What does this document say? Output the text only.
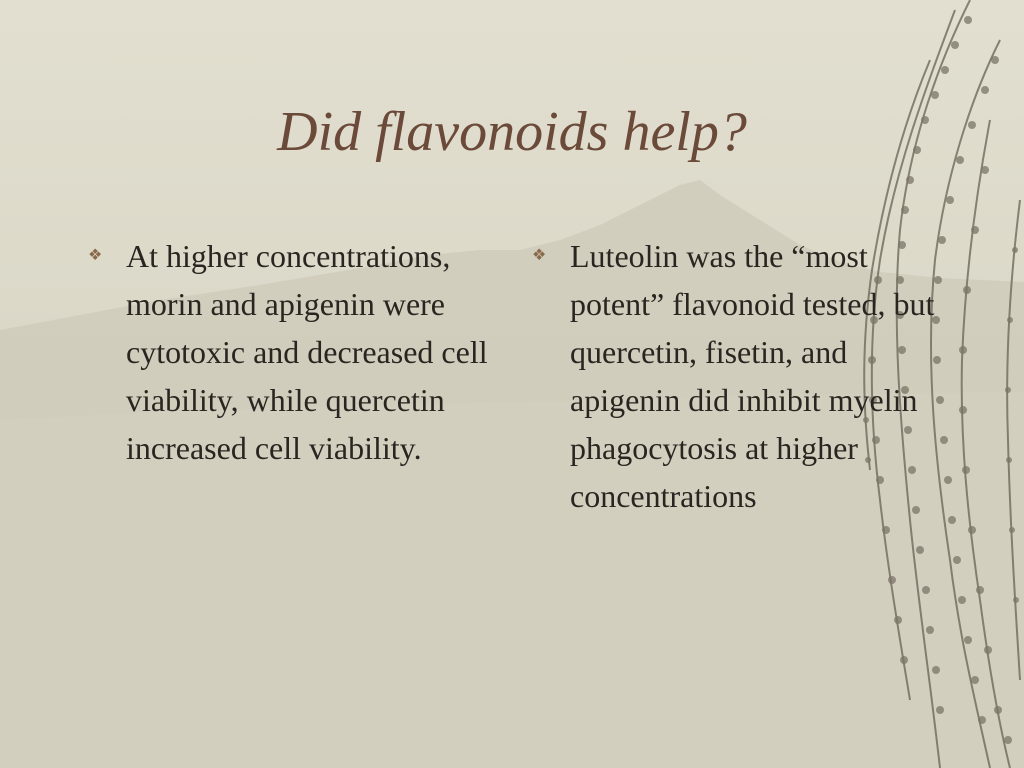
Did flavonoids help?
❖ At higher concentrations, morin and apigenin were cytotoxic and decreased cell viability, while quercetin increased cell viability.

❖ Luteolin was the “most potent” flavonoid tested, but quercetin, fisetin, and apigenin did inhibit myelin phagocytosis at higher concentrations
